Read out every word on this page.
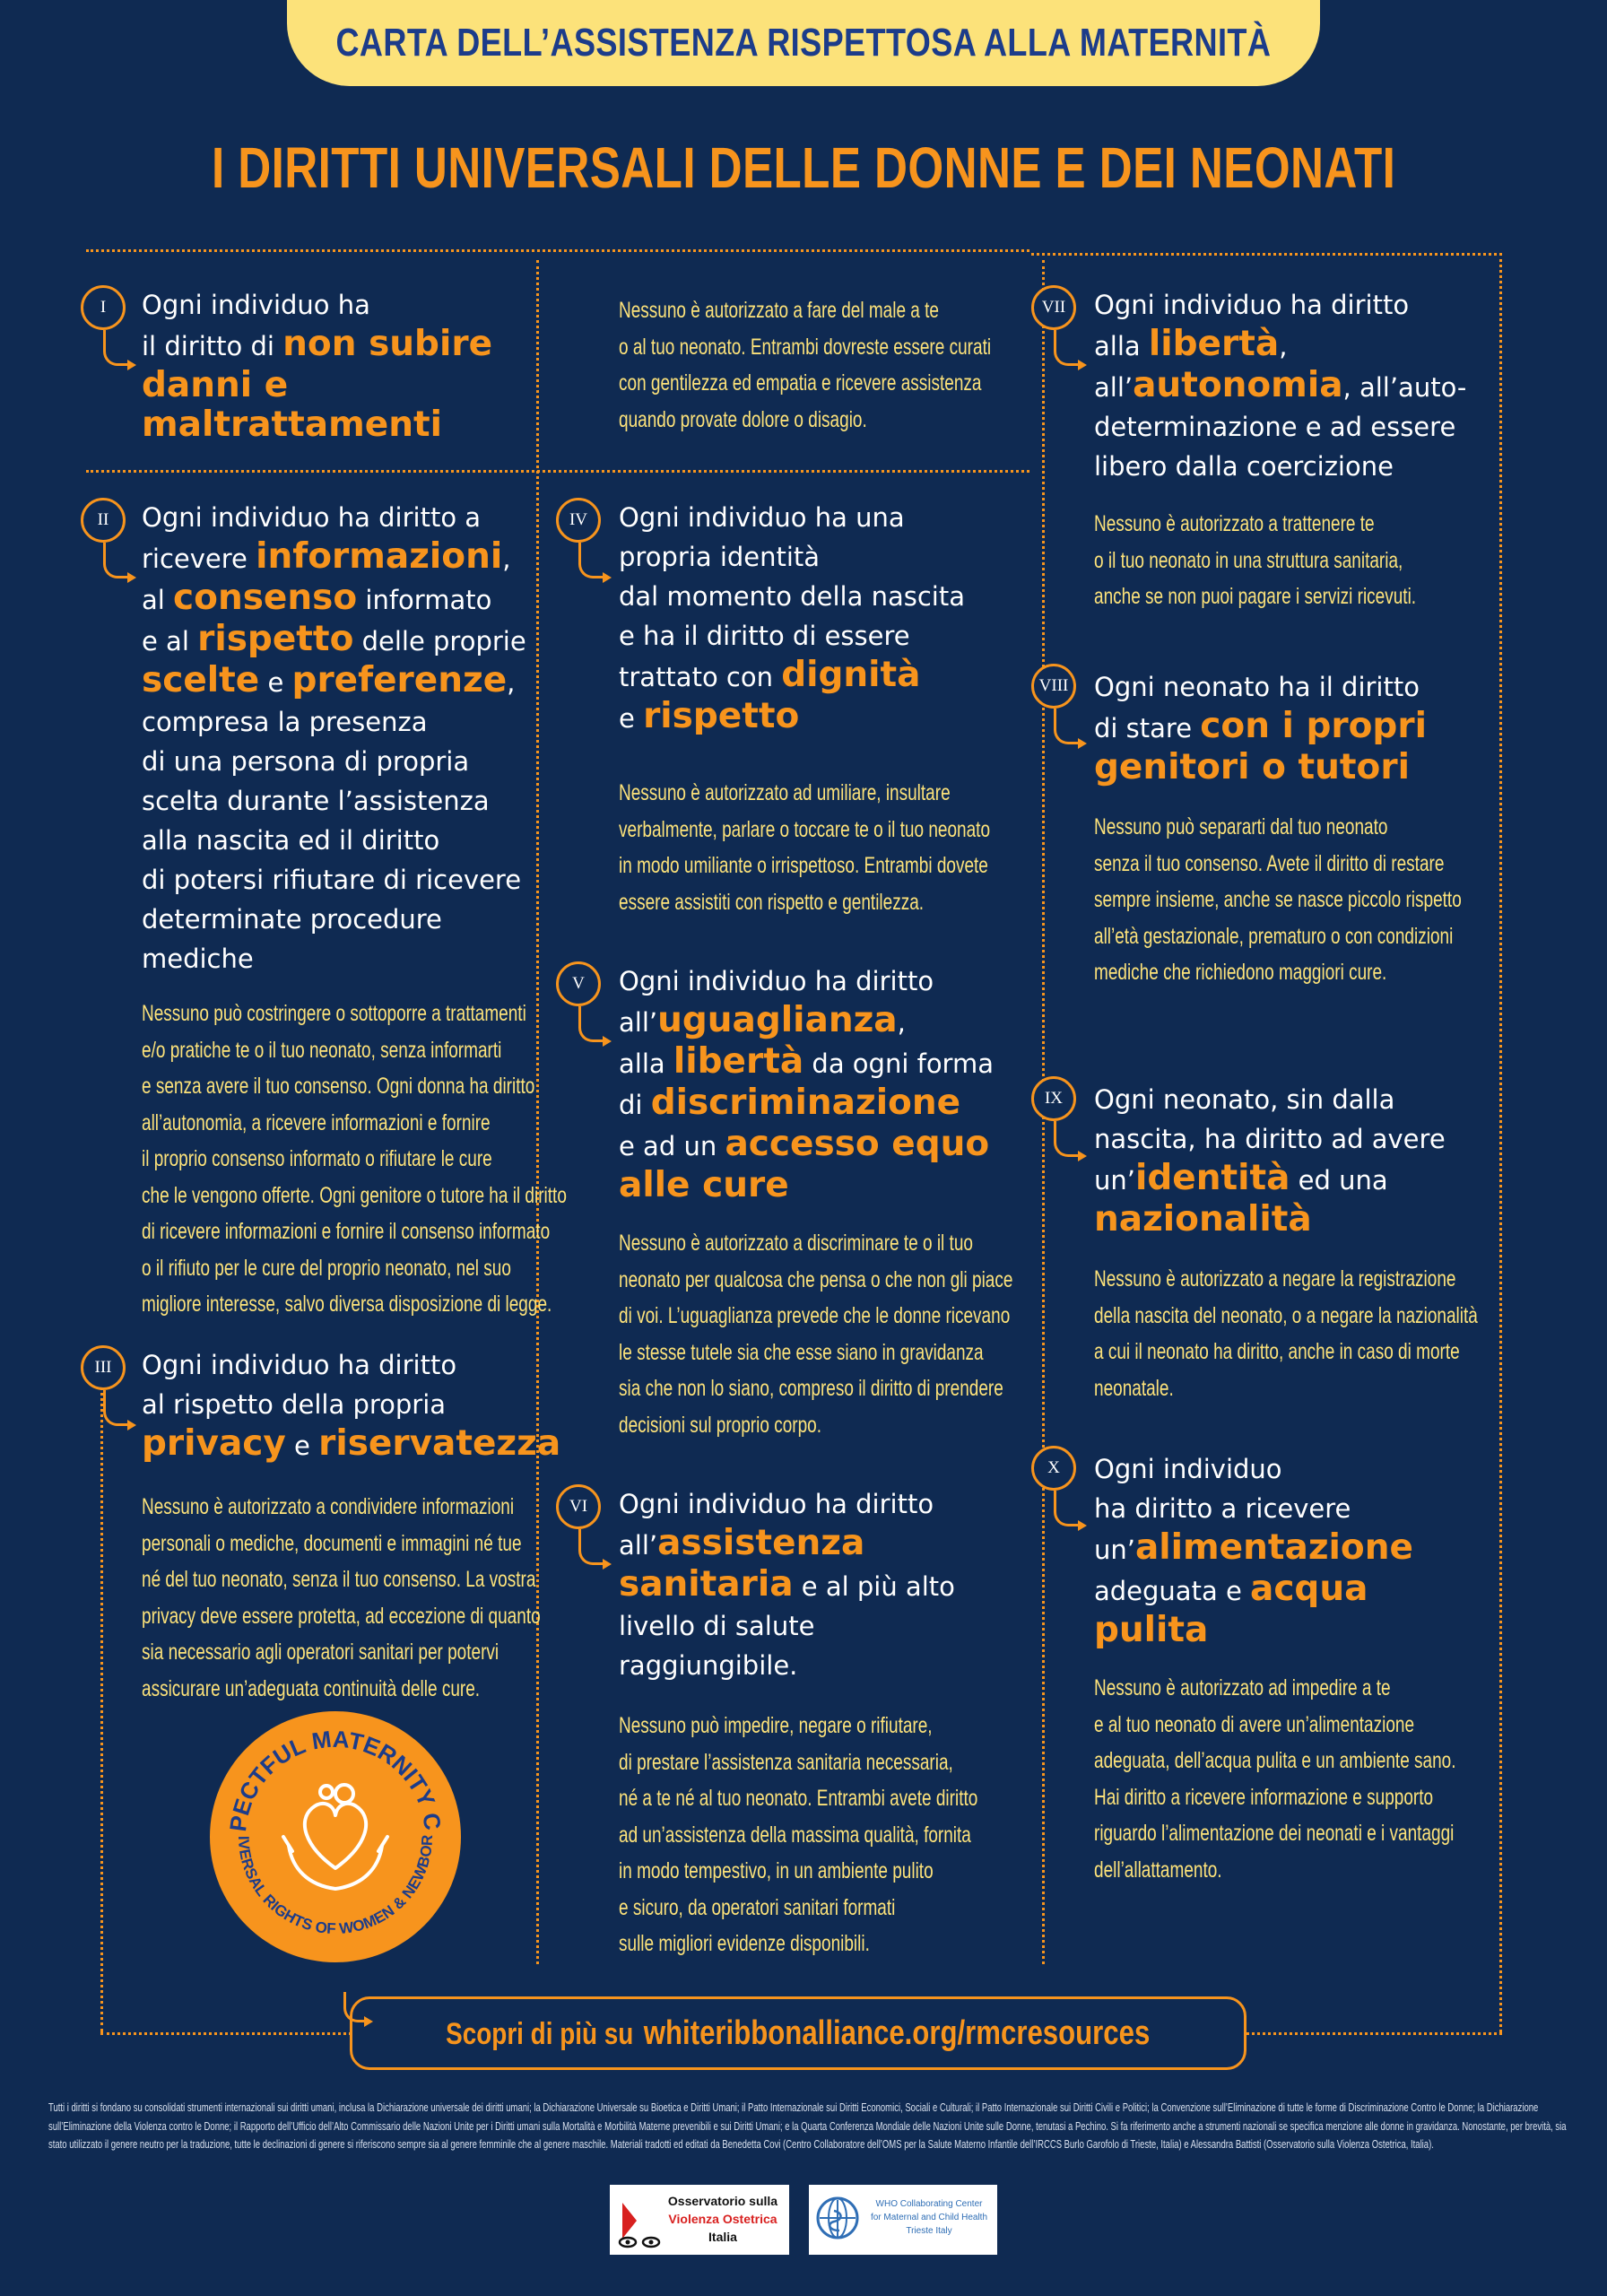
CARTA DELL’ASSISTENZA RISPETTOSA ALLA MATERNITÀ
I DIRITTI UNIVERSALI DELLE DONNE E DEI NEONATI
I Ogni individuo ha
il diritto di non subire
danni e
maltrattamenti
Nessuno è autorizzato a fare del male a te
o al tuo neonato. Entrambi dovreste essere curati
con gentilezza ed empatia e ricevere assistenza
quando provate dolore o disagio.
II Ogni individuo ha diritto a
ricevere informazioni,
al consenso informato
e al rispetto delle proprie
scelte e preferenze,
compresa la presenza
di una persona di propria
scelta durante l’assistenza
alla nascita ed il diritto
di potersi rifiutare di ricevere
determinate procedure
mediche
Nessuno può costringere o sottoporre a trattamenti
e/o pratiche te o il tuo neonato, senza informarti
e senza avere il tuo consenso. Ogni donna ha diritto
all’autonomia, a ricevere informazioni e fornire
il proprio consenso informato o rifiutare le cure
che le vengono offerte. Ogni genitore o tutore ha il diritto
di ricevere informazioni e fornire il consenso informato
o il rifiuto per le cure del proprio neonato, nel suo
migliore interesse, salvo diversa disposizione di legge.
III Ogni individuo ha diritto
al rispetto della propria
privacy e riservatezza
Nessuno è autorizzato a condividere informazioni
personali o mediche, documenti e immagini né tue
né del tuo neonato, senza il tuo consenso. La vostra
privacy deve essere protetta, ad eccezione di quanto
sia necessario agli operatori sanitari per potervi
assicurare un’adeguata continuità delle cure.
IV Ogni individuo ha una
propria identità
dal momento della nascita
e ha il diritto di essere
trattato con dignità
e rispetto
Nessuno è autorizzato ad umiliare, insultare
verbalmente, parlare o toccare te o il tuo neonato
in modo umiliante o irrispettoso. Entrambi dovete
essere assistiti con rispetto e gentilezza.
V Ogni individuo ha diritto
all’uguaglianza,
alla libertà da ogni forma
di discriminazione
e ad un accesso equo
alle cure
Nessuno è autorizzato a discriminare te o il tuo
neonato per qualcosa che pensa o che non gli piace
di voi. L’uguaglianza prevede che le donne ricevano
le stesse tutele sia che esse siano in gravidanza
sia che non lo siano, compreso il diritto di prendere
decisioni sul proprio corpo.
VI Ogni individuo ha diritto
all’assistenza
sanitaria e al più alto
livello di salute
raggiungibile.
Nessuno può impedire, negare o rifiutare,
di prestare l’assistenza sanitaria necessaria,
né a te né al tuo neonato. Entrambi avete diritto
ad un’assistenza della massima qualità, fornita
in modo tempestivo, in un ambiente pulito
e sicuro, da operatori sanitari formati
sulle migliori evidenze disponibili.
VII Ogni individuo ha diritto
alla libertà,
all’autonomia, all’auto-
determinazione e ad essere
libero dalla coercizione
Nessuno è autorizzato a trattenere te
o il tuo neonato in una struttura sanitaria,
anche se non puoi pagare i servizi ricevuti.
VIII Ogni neonato ha il diritto
di stare con i propri
genitori o tutori
Nessuno può separarti dal tuo neonato
senza il tuo consenso. Avete il diritto di restare
sempre insieme, anche se nasce piccolo rispetto
all’età gestazionale, prematuro o con condizioni
mediche che richiedono maggiori cure.
IX Ogni neonato, sin dalla
nascita, ha diritto ad avere
un’identità ed una
nazionalità
Nessuno è autorizzato a negare la registrazione
della nascita del neonato, o a negare la nazionalità
a cui il neonato ha diritto, anche in caso di morte
neonatale.
X Ogni individuo
ha diritto a ricevere
un’alimentazione
adeguata e acqua
pulita
Nessuno è autorizzato ad impedire a te
e al tuo neonato di avere un’alimentazione
adeguata, dell’acqua pulita e un ambiente sano.
Hai diritto a ricevere informazione e supporto
riguardo l’alimentazione dei neonati e i vantaggi
dell’allattamento.
PECTFUL MATERNITY C
IVERSAL RIGHTS OF WOMEN & NEWBOR
Scopri di più su whiteribbonalliance.org/rmcresources
Tutti i diritti si fondano su consolidati strumenti internazionali sui diritti umani, inclusa la Dichiarazione universale dei diritti umani; la Dichiarazione Universale su Bioetica e Diritti Umani; il Patto Internazionale sui Diritti Economici, Sociali e Culturali; il Patto Internazionale sui Diritti Civili e Politici; la Convenzione sull’Eliminazione di tutte le forme di Discriminazione Contro le Donne; la Dichiarazione sull’Eliminazione della Violenza contro le Donne; il Rapporto dell’Ufficio dell’Alto Commissario delle Nazioni Unite per i Diritti umani sulla Mortalità e Morbilità Materne prevenibili e sui Diritti Umani; e la Quarta Conferenza Mondiale delle Nazioni Unite sulle Donne, tenutasi a Pechino. Si fa riferimento anche a strumenti nazionali se specifica menzione alle donne in gravidanza. Nonostante, per brevità, sia stato utilizzato il genere neutro per la traduzione, tutte le declinazioni di genere si riferiscono sempre sia al genere femminile che al genere maschile. Materiali tradotti ed editati da Benedetta Covi (Centro Collaboratore dell’OMS per la Salute Materno Infantile dell’IRCCS Burlo Garofolo di Trieste, Italia) e Alessandra Battisti (Osservatorio sulla Violenza Ostetrica, Italia).
Osservatorio sulla
Violenza Ostetrica
Italia
WHO Collaborating Center
for Maternal and Child Health
Trieste Italy
